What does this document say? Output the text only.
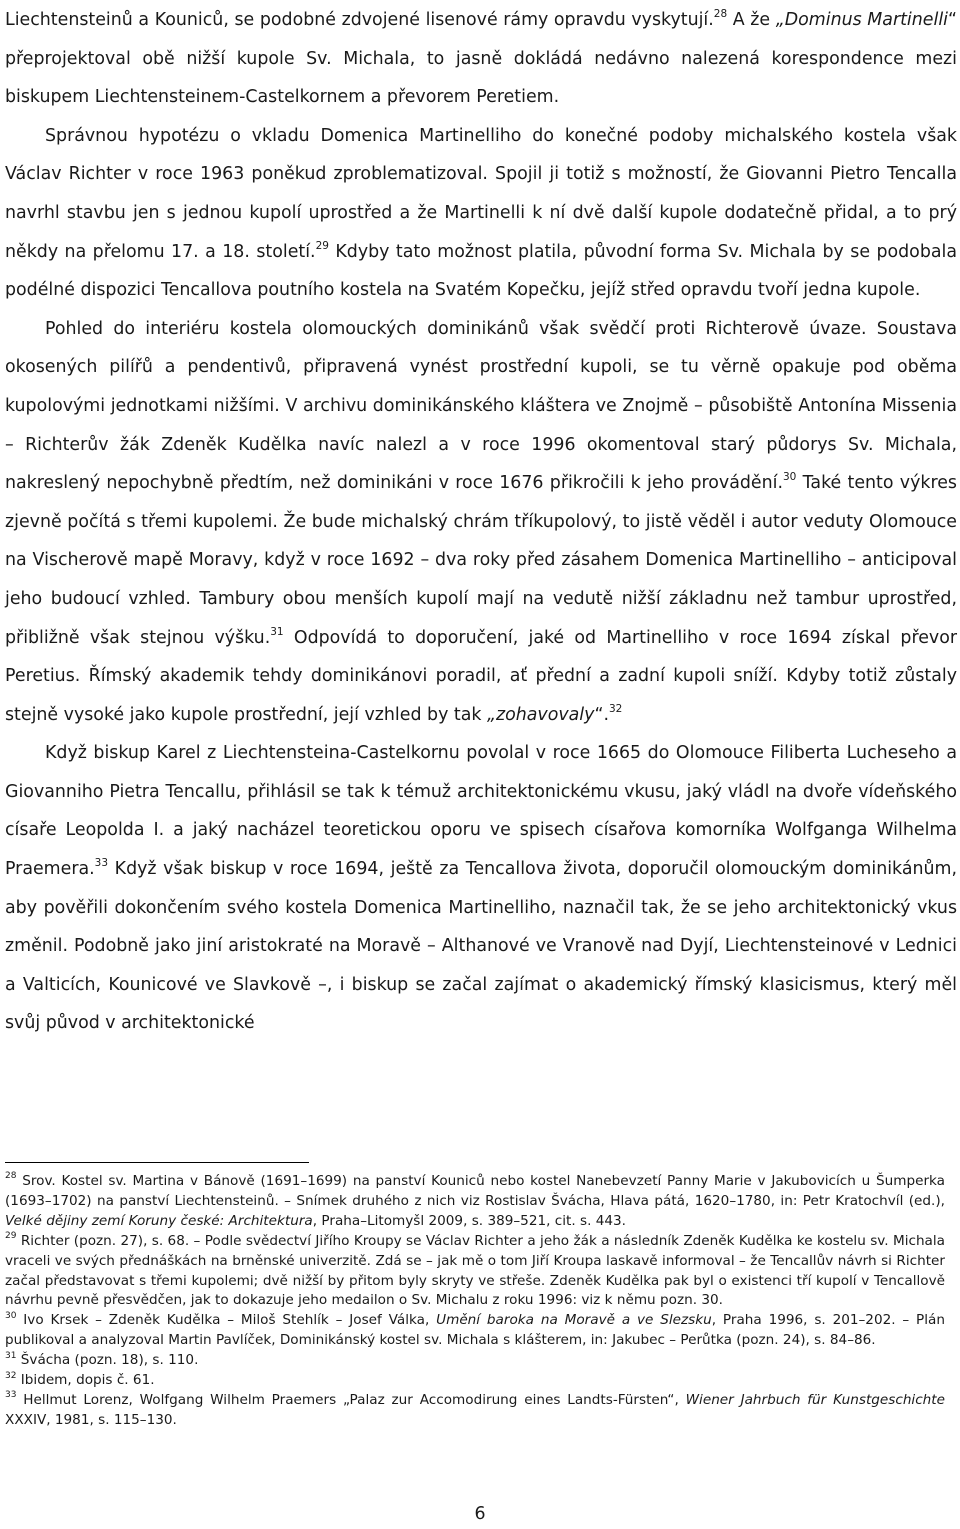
Liechtensteinů a Kouniců, se podobné zdvojené lisenové rámy opravdu vyskytují.$^{28}$ A že „Dominus Martinelli“ přeprojektoval obě nižší kupole Sv. Michala, to jasně dokládá nedávno nalezená korespondence mezi biskupem Liechtensteinem-Castelkornem a převorem Peretiem.

Správnou hypotézu o vkladu Domenica Martinelliho do konečné podoby michalského kostela však Václav Richter v roce 1963 poněkud zproblematizoval. Spojil ji totiž s možností, že Giovanni Pietro Tencalla navrhl stavbu jen s jednou kupolí uprostřed a že Martinelli k ní dvě další kupole dodatečně přidal, a to prý někdy na přelomu 17. a 18. století.$^{29}$ Kdyby tato možnost platila, původní forma Sv. Michala by se podobala podélné dispozici Tencallova poutního kostela na Svatém Kopečku, jejíž střed opravdu tvoří jedna kupole.

Pohled do interiéru kostela olomouckých dominikánů však svědčí proti Richterově úvaze. Soustava okosených pilířů a pendentivů, připravená vynést prostřední kupoli, se tu věrně opakuje pod oběma kupolovými jednotkami nižšími. V archivu dominikánského kláštera ve Znojmě – působiště Antonína Missenia – Richterův žák Zdeněk Kudělka navíc nalezl a v roce 1996 okomentoval starý půdorys Sv. Michala, nakreslený nepochybně předtím, než dominikáni v roce 1676 přikročili k jeho provádění.$^{30}$ Také tento výkres zjevně počítá s třemi kupolemi. Že bude michalský chrám tříkupolový, to jistě věděl i autor veduty Olomouce na Vischerově mapě Moravy, když v roce 1692 – dva roky před zásahem Domenica Martinelliho – anticipoval jeho budoucí vzhled. Tambury obou menších kupolí mají na vedutě nižší základnu než tambur uprostřed, přibližně však stejnou výšku.$^{31}$ Odpovídá to doporučení, jaké od Martinelliho v roce 1694 získal převor Peretius. Římský akademik tehdy dominikánovi poradil, ať přední a zadní kupoli sníží. Kdyby totiž zůstaly stejně vysoké jako kupole prostřední, její vzhled by tak „zohavovaly“.$^{32}$

Když biskup Karel z Liechtensteina-Castelkornu povolal v roce 1665 do Olomouce Filiberta Lucheseho a Giovanniho Pietra Tencallu, přihlásil se tak k témuž architektonickému vkusu, jaký vládl na dvoře vídeňského císaře Leopolda I. a jaký nacházel teoretickou oporu ve spisech císařova komorníka Wolfganga Wilhelma Praemera.$^{33}$ Když však biskup v roce 1694, ještě za Tencallova života, doporučil olomouckým dominikánům, aby pověřili dokončením svého kostela Domenica Martinelliho, naznačil tak, že se jeho architektonický vkus změnil. Podobně jako jiní aristokraté na Moravě – Althanové ve Vranově nad Dyjí, Liechtensteinové v Lednici a Valticích, Kounicové ve Slavkově –, i biskup se začal zajímat o akademický římský klasicismus, který měl svůj původ v architektonické

$^{28}$ Srov. Kostel sv. Martina v Bánově (1691–1699) na panství Kouniců nebo kostel Nanebevzetí Panny Marie v Jakubovicích u Šumperka (1693–1702) na panství Liechtensteinů. – Snímek druhého z nich viz Rostislav Šváchа, Hlava pátá, 1620–1780, in: Petr Kratochvíl (ed.), Velké dějiny zemí Koruny české: Architektura, Praha–Litomyšl 2009, s. 389–521, cit. s. 443.

$^{29}$ Richter (pozn. 27), s. 68. – Podle svědectví Jiřího Kroupy se Václav Richter a jeho žák a následník Zdeněk Kudělka ke kostelu sv. Michala vraceli ve svých přednáškách na brněnské univerzitě. Zdá se – jak mě o tom Jiří Kroupa laskavě informoval – že Tencallův návrh si Richter začal představovat s třemi kupolemi; dvě nižší by přitom byly skryty ve střeše. Zdeněk Kudělka pak byl o existenci tří kupolí v Tencallově návrhu pevně přesvědčen, jak to dokazuje jeho medailon o Sv. Michalu z roku 1996: viz k němu pozn. 30.

$^{30}$ Ivo Krsek – Zdeněk Kudělka – Miloš Stehlík – Josef Válka, Umění baroka na Moravě a ve Slezsku, Praha 1996, s. 201–202. – Plán publikoval a analyzoval Martin Pavlíček, Dominikánský kostel sv. Michala s klášterem, in: Jakubec – Perůtka (pozn. 24), s. 84–86.

$^{31}$ Šváchа (pozn. 18), s. 110.

$^{32}$ Ibidem, dopis č. 61.

$^{33}$ Hellmut Lorenz, Wolfgang Wilhelm Praemers „Palaz zur Accomodirung eines Landts-Fürsten“, Wiener Jahrbuch für Kunstgeschichte XXXIV, 1981, s. 115–130.

6
